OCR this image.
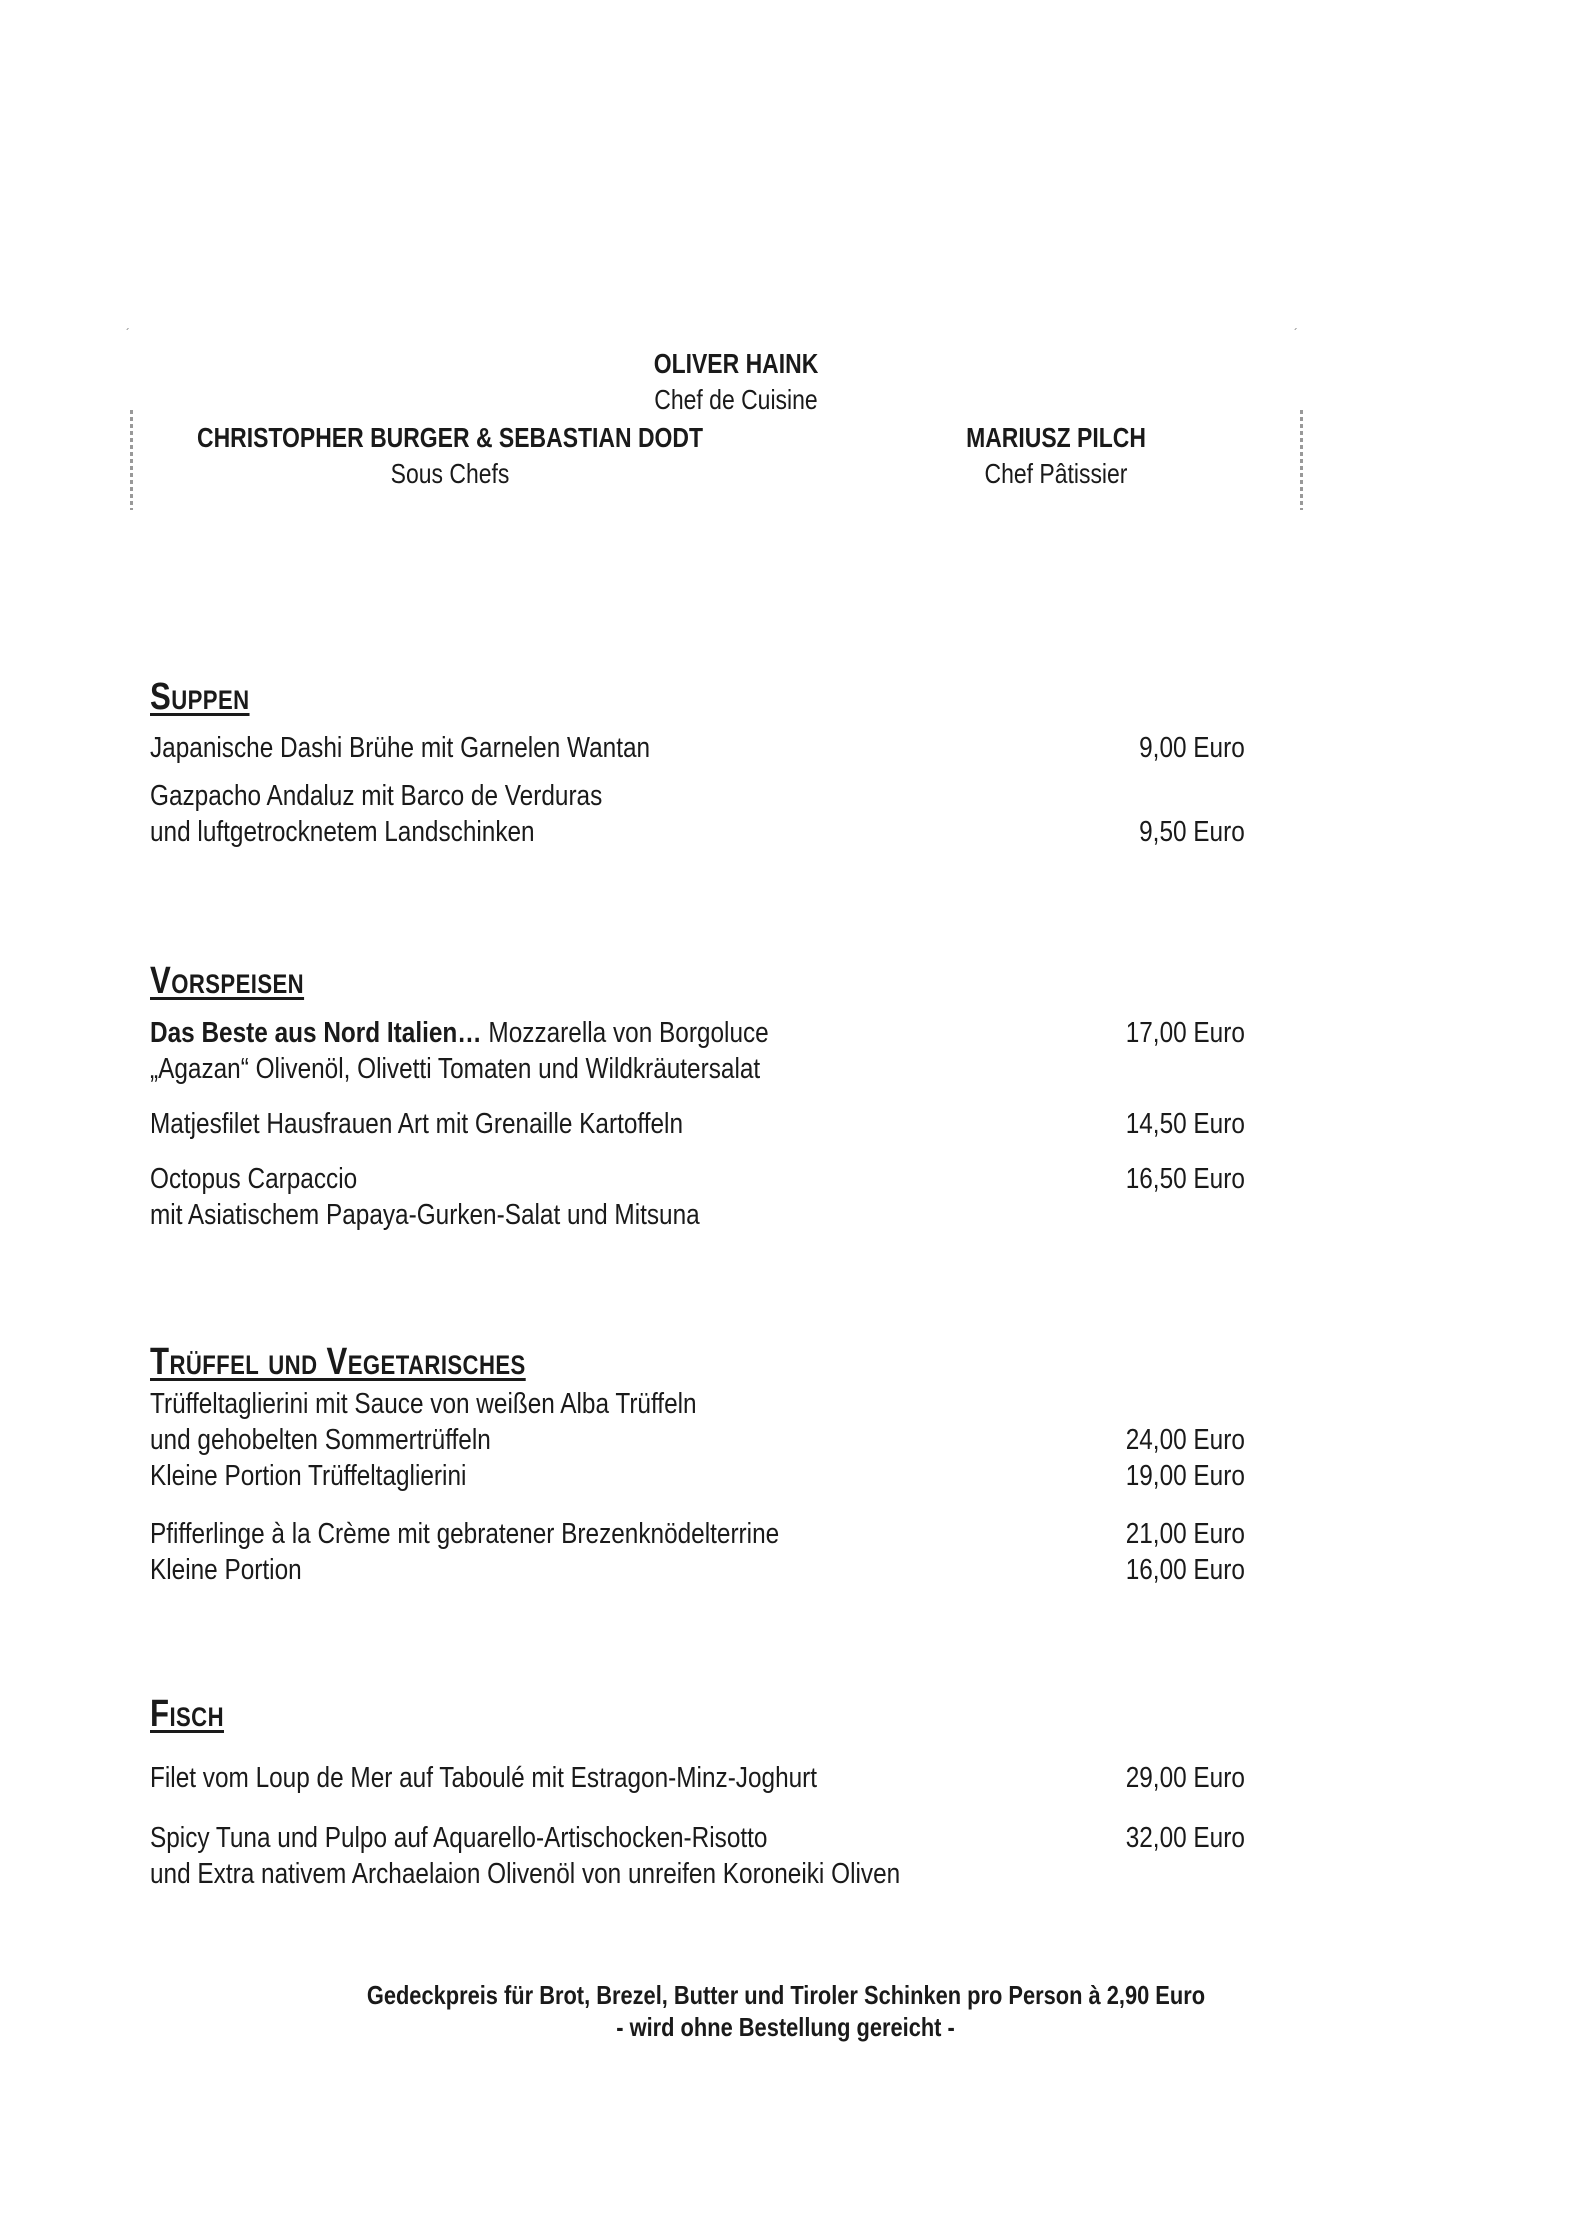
´	´
OLIVER HAINK
Chef de Cuisine
CHRISTOPHER BURGER & SEBASTIAN DODT
Sous Chefs
MARIUSZ PILCH
Chef Pâtissier
Suppen
Japanische Dashi Brühe mit Garnelen Wantan	9,00 Euro
Gazpacho Andaluz mit Barco de Verduras
und luftgetrocknetem Landschinken	9,50 Euro
Vorspeisen
Das Beste aus Nord Italien… Mozzarella von Borgoluce	17,00 Euro
„Agazan“ Olivenöl, Olivetti Tomaten und Wildkräutersalat
Matjesfilet Hausfrauen Art mit Grenaille Kartoffeln	14,50 Euro
Octopus Carpaccio	16,50 Euro
mit Asiatischem Papaya-Gurken-Salat und Mitsuna
Trüffel und Vegetarisches
Trüffeltaglierini mit Sauce von weißen Alba Trüffeln
und gehobelten Sommertrüffeln	24,00 Euro
Kleine Portion Trüffeltaglierini	19,00 Euro
Pfifferlinge à la Crème mit gebratener Brezenknödelterrine	21,00 Euro
Kleine Portion	16,00 Euro
Fisch
Filet vom Loup de Mer auf Taboulé mit Estragon-Minz-Joghurt	29,00 Euro
Spicy Tuna und Pulpo auf Aquarello-Artischocken-Risotto	32,00 Euro
und Extra nativem Archaelaion Olivenöl von unreifen Koroneiki Oliven
Gedeckpreis für Brot, Brezel, Butter und Tiroler Schinken pro Person à 2,90 Euro
- wird ohne Bestellung gereicht -
